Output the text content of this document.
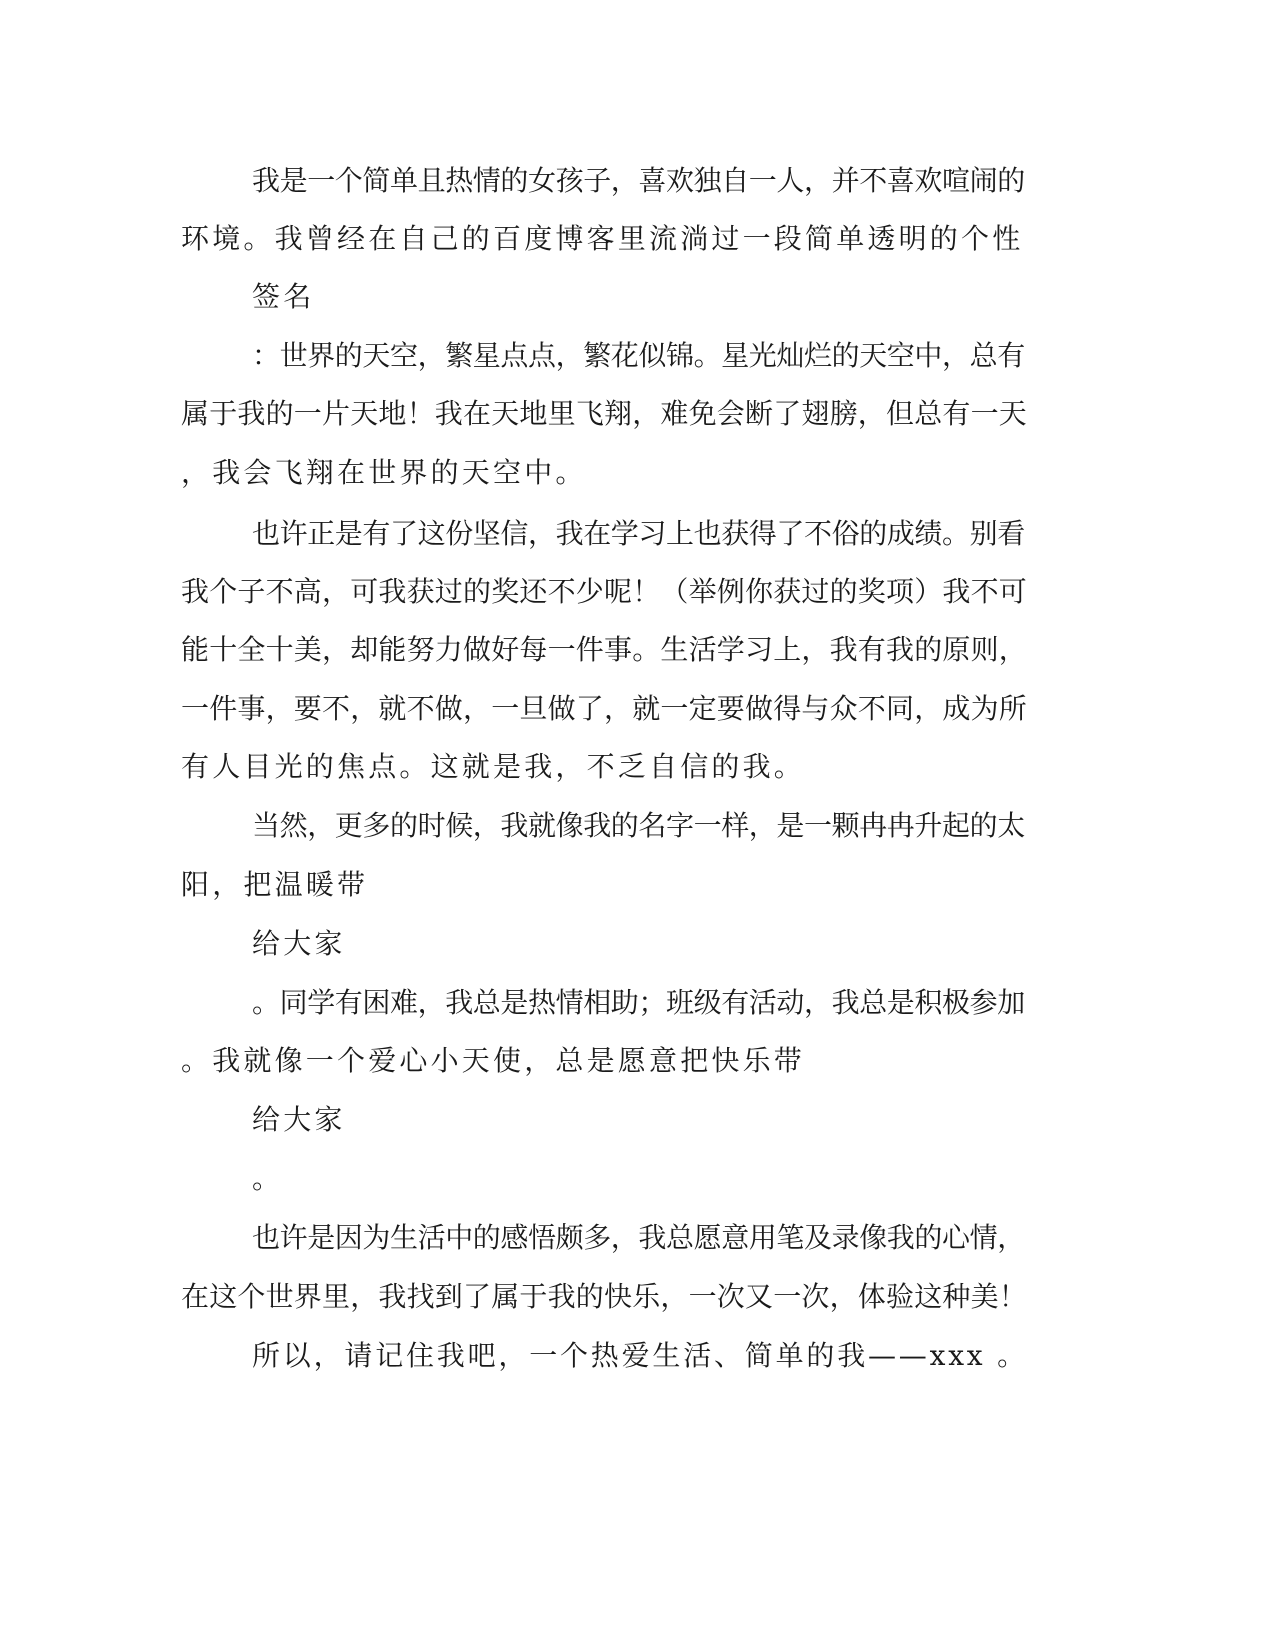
我是一个简单且热情的女孩子，喜欢独自一人，并不喜欢喧闹的
环境。我曾经在自己的百度博客里流淌过一段简单透明的个性
签名
：世界的天空，繁星点点，繁花似锦。星光灿烂的天空中，总有
属于我的一片天地！我在天地里飞翔，难免会断了翅膀，但总有一天
，我会飞翔在世界的天空中。
也许正是有了这份坚信，我在学习上也获得了不俗的成绩。别看
我个子不高，可我获过的奖还不少呢！（举例你获过的奖项）我不可
能十全十美，却能努力做好每一件事。生活学习上，我有我的原则，
一件事，要不，就不做，一旦做了，就一定要做得与众不同，成为所
有人目光的焦点。这就是我，不乏自信的我。
当然，更多的时候，我就像我的名字一样，是一颗冉冉升起的太
阳，把温暖带
给大家
。同学有困难，我总是热情相助；班级有活动，我总是积极参加
。我就像一个爱心小天使，总是愿意把快乐带
给大家
。
也许是因为生活中的感悟颇多，我总愿意用笔及录像我的心情，
在这个世界里，我找到了属于我的快乐，一次又一次，体验这种美！
所以，请记住我吧，一个热爱生活、简单的我——xxx 。
